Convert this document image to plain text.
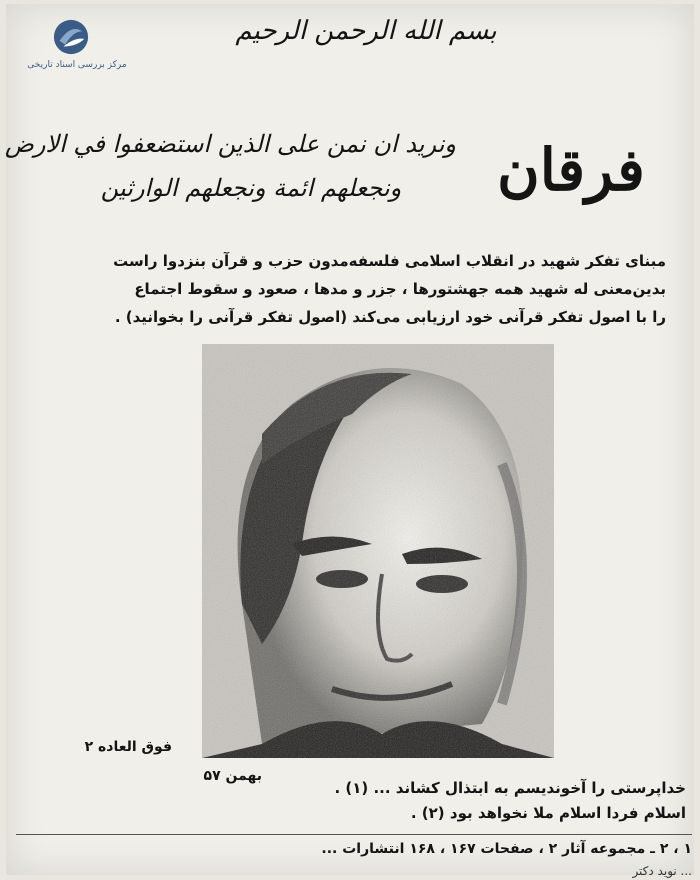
مرکز بررسی اسناد تاریخی
بسم الله الرحمن الرحيم
فرقان
ونريد ان نمن على الذين استضعفوا في الارض
ونجعلهم ائمة ونجعلهم الوارثين
مبنای تفکر شهید در انقلاب اسلامی فلسفه‌مدون حزب و قرآن بنزدوا راست
بدین‌معنی له شهید همه جهشتورها ، جزر و مدها ، صعود و سقوط اجتماع
را با اصول تفکر قرآنی خود ارزیابی می‌کند (اصول تفکر قرآنی را بخوانید) .
فوق العاده ۲
بهمن ۵۷
خداپرستی را آخوندیسم به ابتذال کشاند ... (۱) .
اسلام فردا اسلام ملا نخواهد بود (۲) .
۱ ، ۲ ـ مجموعه آثار ۲ ، صفحات ۱۶۷ ، ۱۶۸ انتشارات ...
... نوید دکتر
